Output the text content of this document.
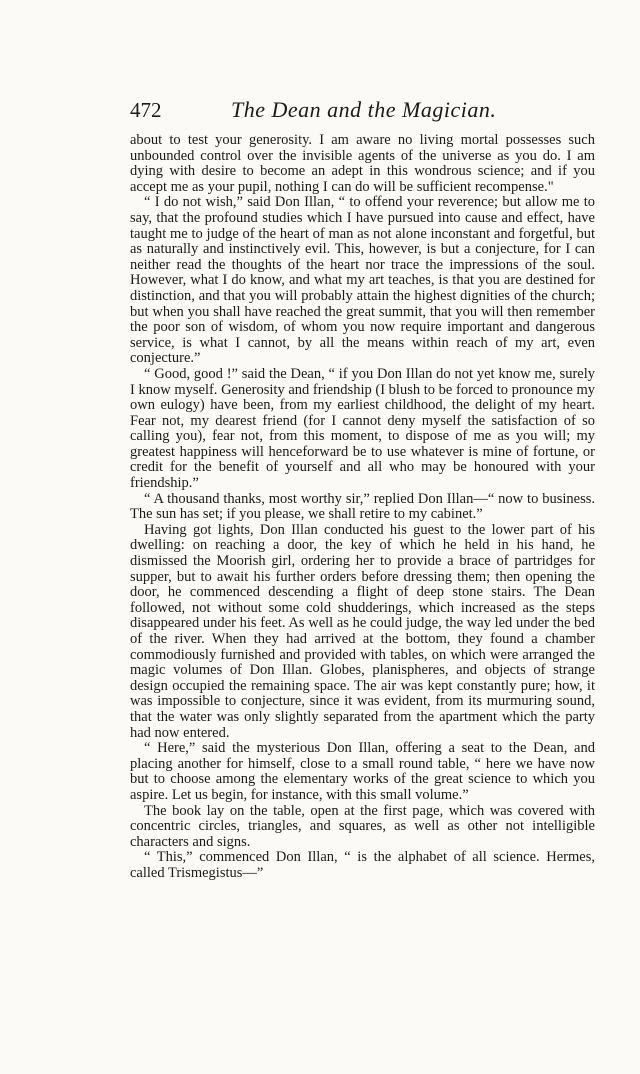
472	The Dean and the Magician.

about to test your generosity. I am aware no living mortal possesses such unbounded control over the invisible agents of the universe as you do. I am dying with desire to become an adept in this wondrous science; and if you accept me as your pupil, nothing I can do will be sufficient recompense."

“ I do not wish,” said Don Illan, “ to offend your reverence; but allow me to say, that the profound studies which I have pursued into cause and effect, have taught me to judge of the heart of man as not alone inconstant and forgetful, but as naturally and instinctively evil. This, however, is but a conjecture, for I can neither read the thoughts of the heart nor trace the impressions of the soul. However, what I do know, and what my art teaches, is that you are destined for distinction, and that you will probably attain the highest dignities of the church; but when you shall have reached the great summit, that you will then remember the poor son of wisdom, of whom you now require important and dangerous service, is what I cannot, by all the means within reach of my art, even conjecture.”

“ Good, good !” said the Dean, “ if you Don Illan do not yet know me, surely I know myself. Generosity and friendship (I blush to be forced to pronounce my own eulogy) have been, from my earliest childhood, the delight of my heart. Fear not, my dearest friend (for I cannot deny myself the satisfaction of so calling you), fear not, from this moment, to dispose of me as you will; my greatest happiness will henceforward be to use whatever is mine of fortune, or credit for the benefit of yourself and all who may be honoured with your friendship.”

“ A thousand thanks, most worthy sir,” replied Don Illan—“ now to business. The sun has set; if you please, we shall retire to my cabinet.”

Having got lights, Don Illan conducted his guest to the lower part of his dwelling: on reaching a door, the key of which he held in his hand, he dismissed the Moorish girl, ordering her to provide a brace of partridges for supper, but to await his further orders before dressing them; then opening the door, he commenced descending a flight of deep stone stairs. The Dean followed, not without some cold shudderings, which increased as the steps disappeared under his feet. As well as he could judge, the way led under the bed of the river. When they had arrived at the bottom, they found a chamber commodiously furnished and provided with tables, on which were arranged the magic volumes of Don Illan. Globes, planispheres, and objects of strange design occupied the remaining space. The air was kept constantly pure; how, it was impossible to conjecture, since it was evident, from its murmuring sound, that the water was only slightly separated from the apartment which the party had now entered.

“ Here,” said the mysterious Don Illan, offering a seat to the Dean, and placing another for himself, close to a small round table, “ here we have now but to choose among the elementary works of the great science to which you aspire. Let us begin, for instance, with this small volume.”

The book lay on the table, open at the first page, which was covered with concentric circles, triangles, and squares, as well as other not intelligible characters and signs.

“ This,” commenced Don Illan, “ is the alphabet of all science. Hermes, called Trismegistus—”
